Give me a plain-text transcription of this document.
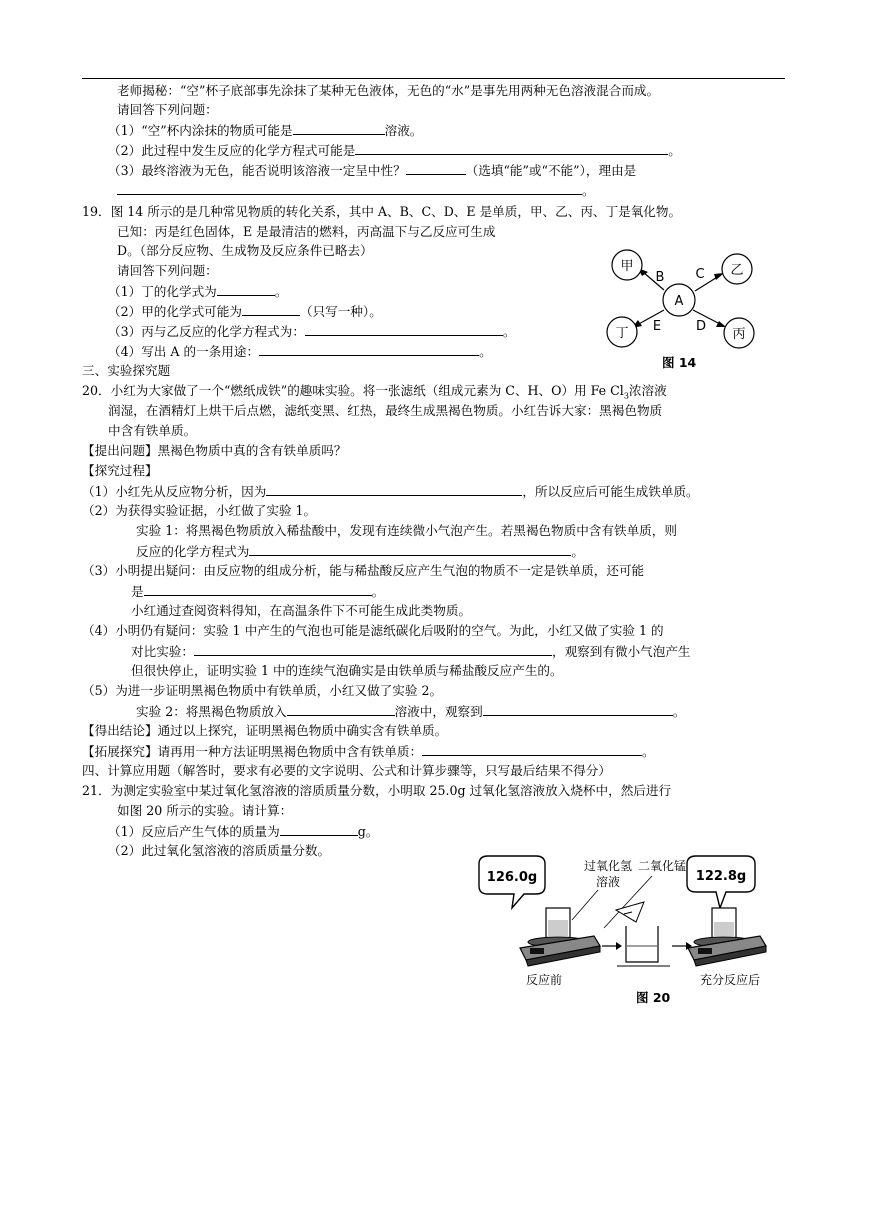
老师揭秘：“空”杯子底部事先涂抹了某种无色液体，无色的“水”是事先用两种无色溶液混合而成。
请回答下列问题：
（1）“空”杯内涂抹的物质可能是	溶液。
（2）此过程中发生反应的化学方程式可能是	。
（3）最终溶液为无色，能否说明该溶液一定呈中性？	（选填“能”或“不能”），理由是
。
19．图 14 所示的是几种常见物质的转化关系，其中 A、B、C、D、E 是单质，甲、乙、丙、丁是氧化物。
已知：丙是红色固体，E 是最清洁的燃料，丙高温下与乙反应可生成
D。（部分反应物、生成物及反应条件已略去）
请回答下列问题：
（1）丁的化学式为	。
（2）甲的化学式可能为	（只写一种）。
（3）丙与乙反应的化学方程式为：	。
（4）写出 A 的一条用途：	。
A
甲	乙
丁	丙
B C
E	D
图 14
三、实验探究题
20．小红为大家做了一个“燃纸成铁”的趣味实验。将一张滤纸（组成元素为 C、H、O）用 Fe $Cl_3$浓溶液
润湿，在酒精灯上烘干后点燃，滤纸变黑、红热，最终生成黑褐色物质。小红告诉大家：黑褐色物质
中含有铁单质。
【提出问题】黑褐色物质中真的含有铁单质吗？
【探究过程】
（1）小红先从反应物分析，因为	，所以反应后可能生成铁单质。
（2）为获得实验证据，小红做了实验 1。
实验 1：将黑褐色物质放入稀盐酸中，发现有连续微小气泡产生。若黑褐色物质中含有铁单质，则
反应的化学方程式为	。
（3）小明提出疑问：由反应物的组成分析，能与稀盐酸反应产生气泡的物质不一定是铁单质，还可能
是	。
小红通过查阅资料得知，在高温条件下不可能生成此类物质。
（4）小明仍有疑问：实验 1 中产生的气泡也可能是滤纸碳化后吸附的空气。为此，小红又做了实验 1 的
对比实验：	，观察到有微小气泡产生
但很快停止，证明实验 1 中的连续气泡确实是由铁单质与稀盐酸反应产生的。
（5）为进一步证明黑褐色物质中有铁单质，小红又做了实验 2。
实验 2：将黑褐色物质放入	溶液中，观察到	。
【得出结论】通过以上探究，证明黑褐色物质中确实含有铁单质。
【拓展探究】请再用一种方法证明黑褐色物质中含有铁单质：	。
四、计算应用题（解答时，要求有必要的文字说明、公式和计算步骤等，只写最后结果不得分）
21．为测定实验室中某过氧化氢溶液的溶质质量分数，小明取 25.0g 过氧化氢溶液放入烧杯中，然后进行
如图 20 所示的实验。请计算：
（1）反应后产生气体的质量为	g。
（2）此过氧化氢溶液的溶质质量分数。
126.0g
过氧化氢
溶液
二氧化锰
122.8g
反应前	充分反应后
图 20
